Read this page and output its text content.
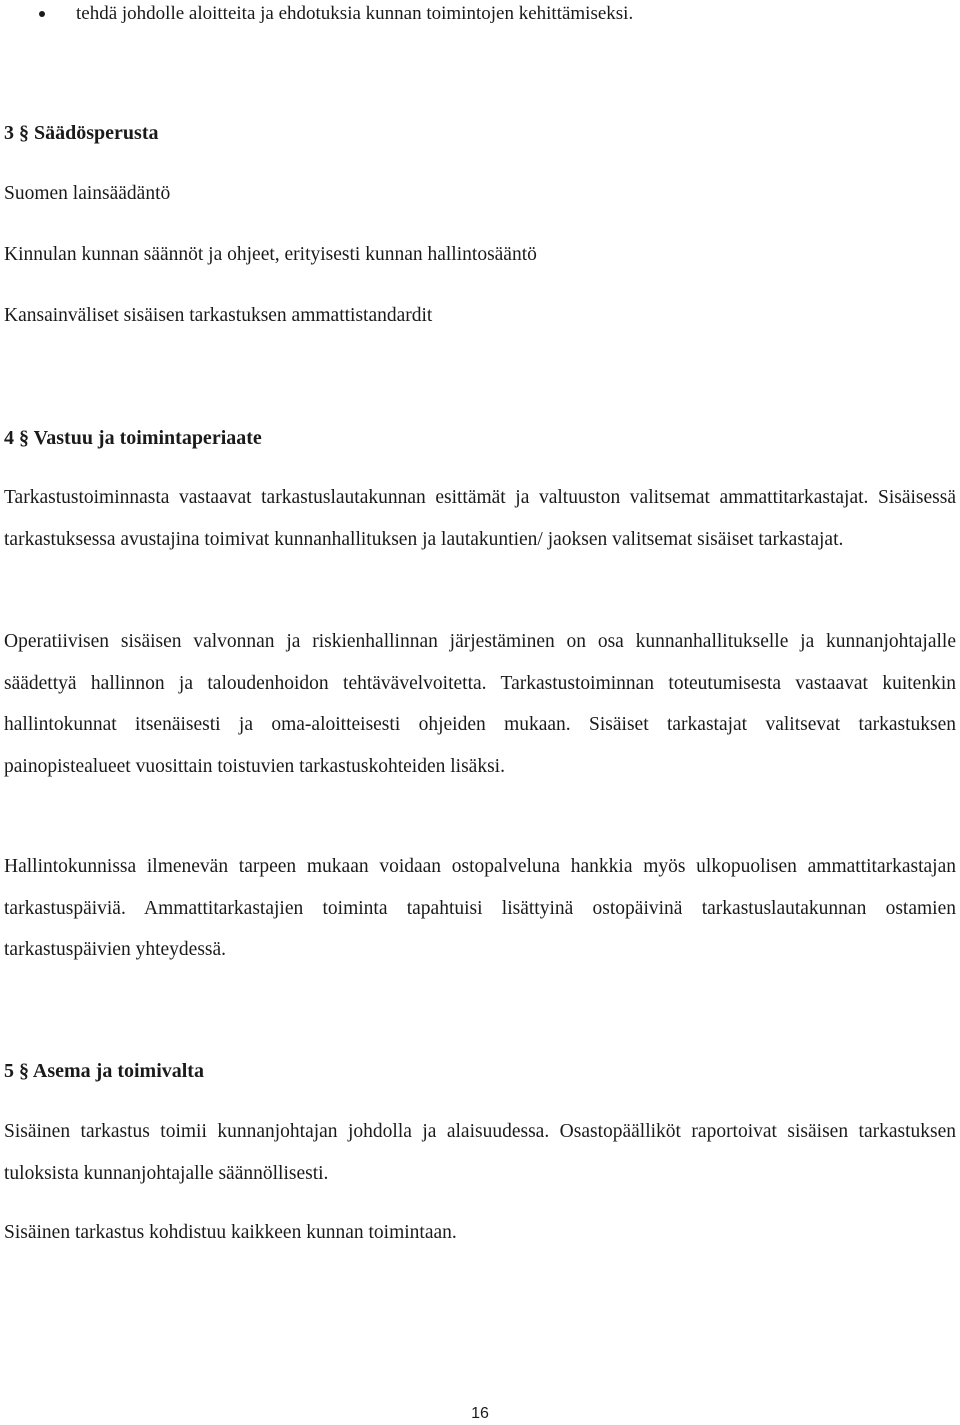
tehdä johdolle aloitteita ja ehdotuksia kunnan toimintojen kehittämiseksi.
3 § Säädösperusta
Suomen lainsäädäntö
Kinnulan kunnan säännöt ja ohjeet, erityisesti kunnan hallintosääntö
Kansainväliset sisäisen tarkastuksen ammattistandardit
4 § Vastuu ja toimintaperiaate

Tarkastustoiminnasta vastaavat tarkastuslautakunnan esittämät ja valtuuston valitsemat ammattitarkastajat. Sisäisessä tarkastuksessa avustajina toimivat kunnanhallituksen ja lautakuntien/ jaoksen valitsemat sisäiset tarkastajat.

Operatiivisen sisäisen valvonnan ja riskienhallinnan järjestäminen on osa kunnanhallitukselle ja kunnanjohtajalle säädettyä hallinnon ja taloudenhoidon tehtävävelvoitetta. Tarkastustoiminnan toteutumisesta vastaavat kuitenkin hallintokunnat itsenäisesti ja oma-aloitteisesti ohjeiden mukaan. Sisäiset tarkastajat valitsevat tarkastuksen painopistealueet vuosittain toistuvien tarkastuskohteiden lisäksi.

Hallintokunnissa ilmenevän tarpeen mukaan voidaan ostopalveluna hankkia myös ulkopuolisen ammattitarkastajan tarkastuspäiviä. Ammattitarkastajien toiminta tapahtuisi lisättyinä ostopäivinä tarkastuslautakunnan ostamien tarkastuspäivien yhteydessä.

5 § Asema ja toimivalta

Sisäinen tarkastus toimii kunnanjohtajan johdolla ja alaisuudessa. Osastopäälliköt raportoivat sisäisen tarkastuksen tuloksista kunnanjohtajalle säännöllisesti.

Sisäinen tarkastus kohdistuu kaikkeen kunnan toimintaan.

16
